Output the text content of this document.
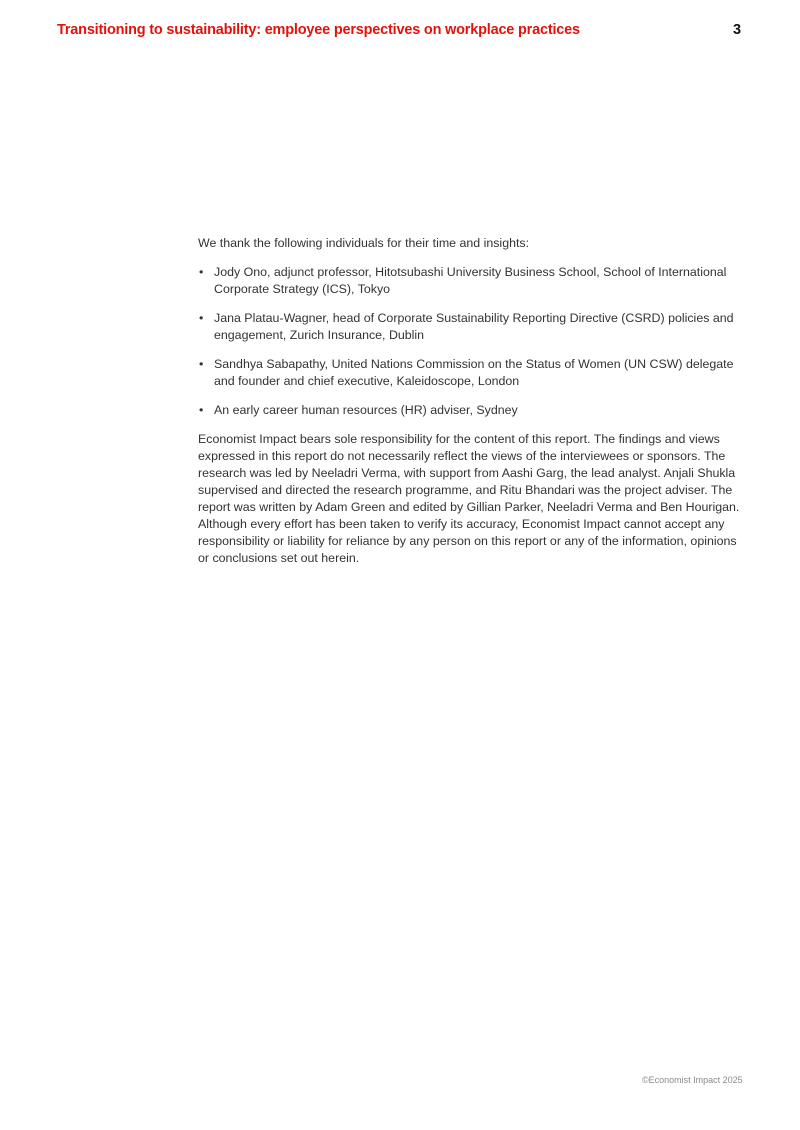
Transitioning to sustainability: employee perspectives on workplace practices	3

We thank the following individuals for their time and insights:

• Jody Ono, adjunct professor, Hitotsubashi University Business School, School of International Corporate Strategy (ICS), Tokyo
• Jana Platau-Wagner, head of Corporate Sustainability Reporting Directive (CSRD) policies and engagement, Zurich Insurance, Dublin
• Sandhya Sabapathy, United Nations Commission on the Status of Women (UN CSW) delegate and founder and chief executive, Kaleidoscope, London
• An early career human resources (HR) adviser, Sydney

Economist Impact bears sole responsibility for the content of this report. The findings and views expressed in this report do not necessarily reflect the views of the interviewees or sponsors. The research was led by Neeladri Verma, with support from Aashi Garg, the lead analyst. Anjali Shukla supervised and directed the research programme, and Ritu Bhandari was the project adviser. The report was written by Adam Green and edited by Gillian Parker, Neeladri Verma and Ben Hourigan. Although every effort has been taken to verify its accuracy, Economist Impact cannot accept any responsibility or liability for reliance by any person on this report or any of the information, opinions or conclusions set out herein.

©Economist Impact 2025
